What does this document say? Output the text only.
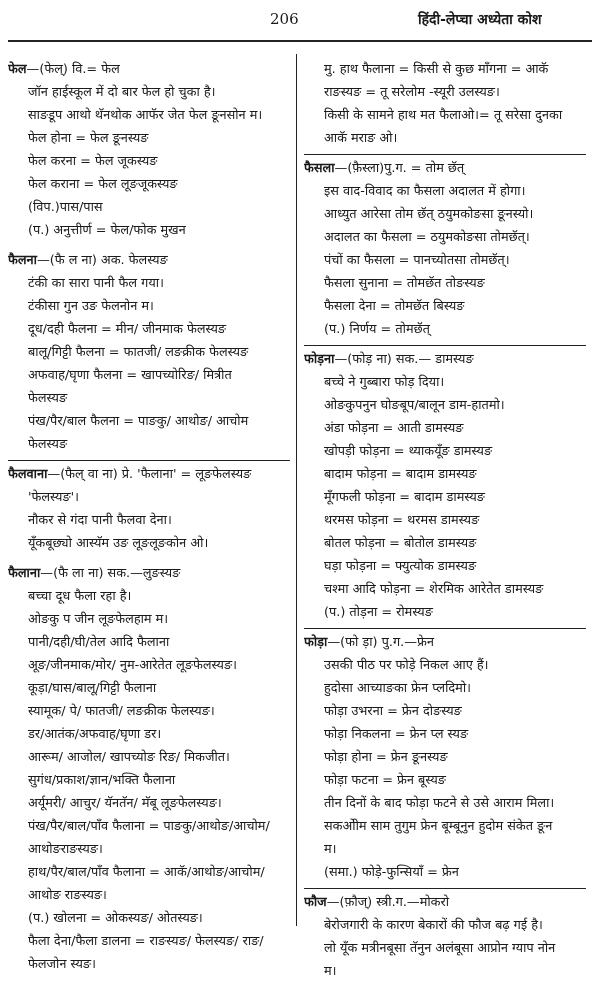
206	हिंदी-लेप्चा अध्येता कोश
फेल—(फेल्) वि.= फेल
जॉन हाईस्कूल में दो बार फेल हो चुका है।
साङडूप आथो थॅनथोक आफॅर जेत फेल ङूनसोन म।
फेल होना = फेल ङूनस्यङ
फेल करना = फेल जूकस्यङ
फेल कराना = फेल लूङजूकस्यङ
(विप.)पास/पास
(प.) अनुत्तीर्ण = फेल/फोक मुखन
फैलना—(फै ल ना) अक. फेलस्यङ
टंकी का सारा पानी फैल गया।
टंकीसा गुन उङ फेलनोन म।
दूध/दही फैलना = मीन/ जीनमाक फेलस्यङ
बालू/गिट्टी फैलना = फातजी/ लङक्रीक फेलस्यङ
अफवाह/घृणा फैलना = खापच्योरिङ/ मित्रीत
फेलस्यङ
पंख/पैर/बाल फैलना = पाङकु/ आथोङ/ आचोम
फेलस्यङ
फैलवाना—(फैल् वा ना) प्रे. 'फैलाना' = लूङफेलस्यङ
'फेलस्यङ'।
नौकर से गंदा पानी फैलवा देना।
यूँकबूछ्यो आस्यॅम उङ लूङलूङकोन ओ।
फैलाना—(फै ला ना) सक.—लुङस्यङ
बच्चा दूध फैला रहा है।
ओङकु प जीन लूङफेलहाम म।
पानी/दही/घी/तेल आदि फैलाना
अूङ/जीनमाक/मोर/ नुम-आरेतेत लूङफेलस्यङ।
कूड़ा/घास/बालू/गिट्टी फैलाना
स्यामूक/ पे/ फातजी/ लङक्रीक फेलस्यङ।
डर/आतंक/अफवाह/घृणा डर।
आरूम/ आजोल/ खापच्योङ रिङ/ मिकजीत।
सुगंध/प्रकाश/ज्ञान/भक्ति फैलाना
अर्यूमरी/ आचुर/ यॅनतॅन/ मॅबू लूङफेलस्यङ।
पंख/पैर/बाल/पाँव फैलाना = पाङकु/आथोङ/आचोम/
आथोङराङस्यङ।
हाथ/पैर/बाल/पाँव फैलाना = आकॅ/आथोङ/आचोम/
आथोङ राङस्यङ।
(प.) खोलना = ओकस्यङ/ ओतस्यङ।
फैला देना/फैला डालना = राङस्यङ/ फेलस्यङ/ राङ/
फेलजोन स्यङ।
मु. हाथ फैलाना = किसी से कुछ माँगना = आकॅ
राङस्यङ = तू सरेलोम -स्यूरी उलस्यङ।
किसी के सामने हाथ मत फैलाओ।= तू सरेसा दुनका
आकॅ मराङ ओ।
फैसला—(फ़ैस्ला)पु.ग. = तोम छॅत्
इस वाद-विवाद का फैसला अदालत में होगा।
आध्युत आरेसा तोम छॅत् ठयुमकोङसा ङूनस्यो।
अदालत का फैसला = ठयुमकोङसा तोमछॅत्।
पंचों का फैसला = पानच्योतसा तोमछॅत्।
फैसला सुनाना = तोमछॅत तोङस्यङ
फैसला देना = तोमछॅत बिस्यङ
(प.) निर्णय = तोमछॅत्
फोड़ना—(फोड़ ना) सक.— डामस्यङ
बच्चे ने गुब्बारा फोड़ दिया।
ओङकुपनुन घोङबूप/बालून डाम-हातमो।
अंडा फोड़ना = आती डामस्यङ
खोपड़ी फोड़ना = थ्याकयूँङ डामस्यङ
बादाम फोड़ना = बादाम डामस्यङ
मूँगफली फोड़ना = बादाम डामस्यङ
थरमस फोड़ना = थरमस डामस्यङ
बोतल फोड़ना = बोतोल डामस्यङ
घड़ा फोड़ना = फ्युत्योक डामस्यङ
चश्मा आदि फोड़ना = शेरमिक आरेतेत डामस्यङ
(प.) तोड़ना = रोमस्यङ
फोड़ा—(फो ड़ा) पु.ग.—फ्रेन
उसकी पीठ पर फोड़े निकल आए हैं।
हुदोसा आच्याङका फ्रेन प्लदिमो।
फोड़ा उभरना = फ्रेन दोङस्यङ
फोड़ा निकलना = फ्रेन प्ल स्यङ
फोड़ा होना = फ्रेन ङूनस्यङ
फोड़ा फटना = फ्रेन बूस्यङ
तीन दिनों के बाद फोड़ा फटने से उसे आराम मिला।
सकओीम साम तुगुम फ्रेन बूम्बूनुन हुदोम संकेत ङून
म।
(समा.) फोड़े-फुन्सियाँ = फ्रेन
फौज—(फ़ौज्) स्त्री.ग.—मोकरो
बेरोजगारी के कारण बेकारों की फौज बढ़ गई है।
लो यूँक मत्रीनबूसा तॅनुन अलंबूसा आप्रोन ग्याप नोन
म।
